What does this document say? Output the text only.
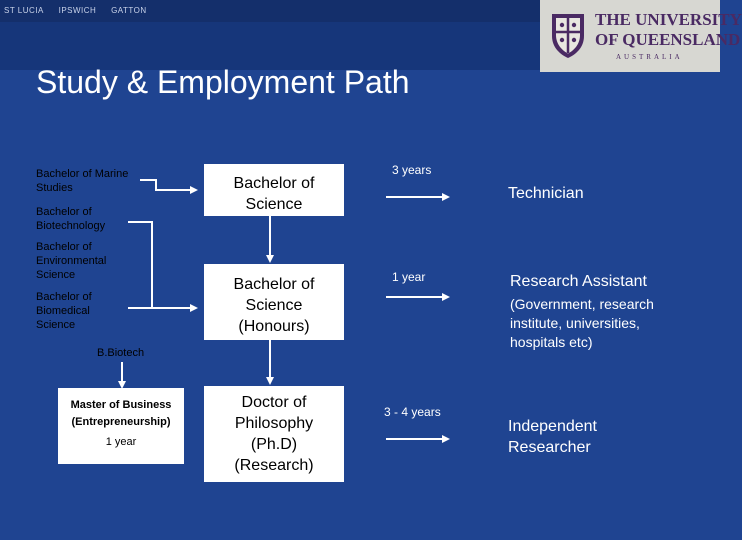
ST LUCIA IPSWICH GATTON	THE UNIVERSITY
OF QUEENSLAND
AUSTRALIA
Study & Employment Path
Bachelor of Marine
Studies
Bachelor of
Biotechnology
Bachelor of
Environmental
Science
Bachelor of
Biomedical
Science
B.Biotech
Master of Business
(Entrepreneurship)
1 year
Bachelor of
Science
Bachelor of
Science
(Honours)
Doctor of
Philosophy
(Ph.D)
(Research)
3 years
1 year
3 - 4 years
Technician
Research Assistant
(Government, research
institute, universities,
hospitals etc)
Independent
Researcher
